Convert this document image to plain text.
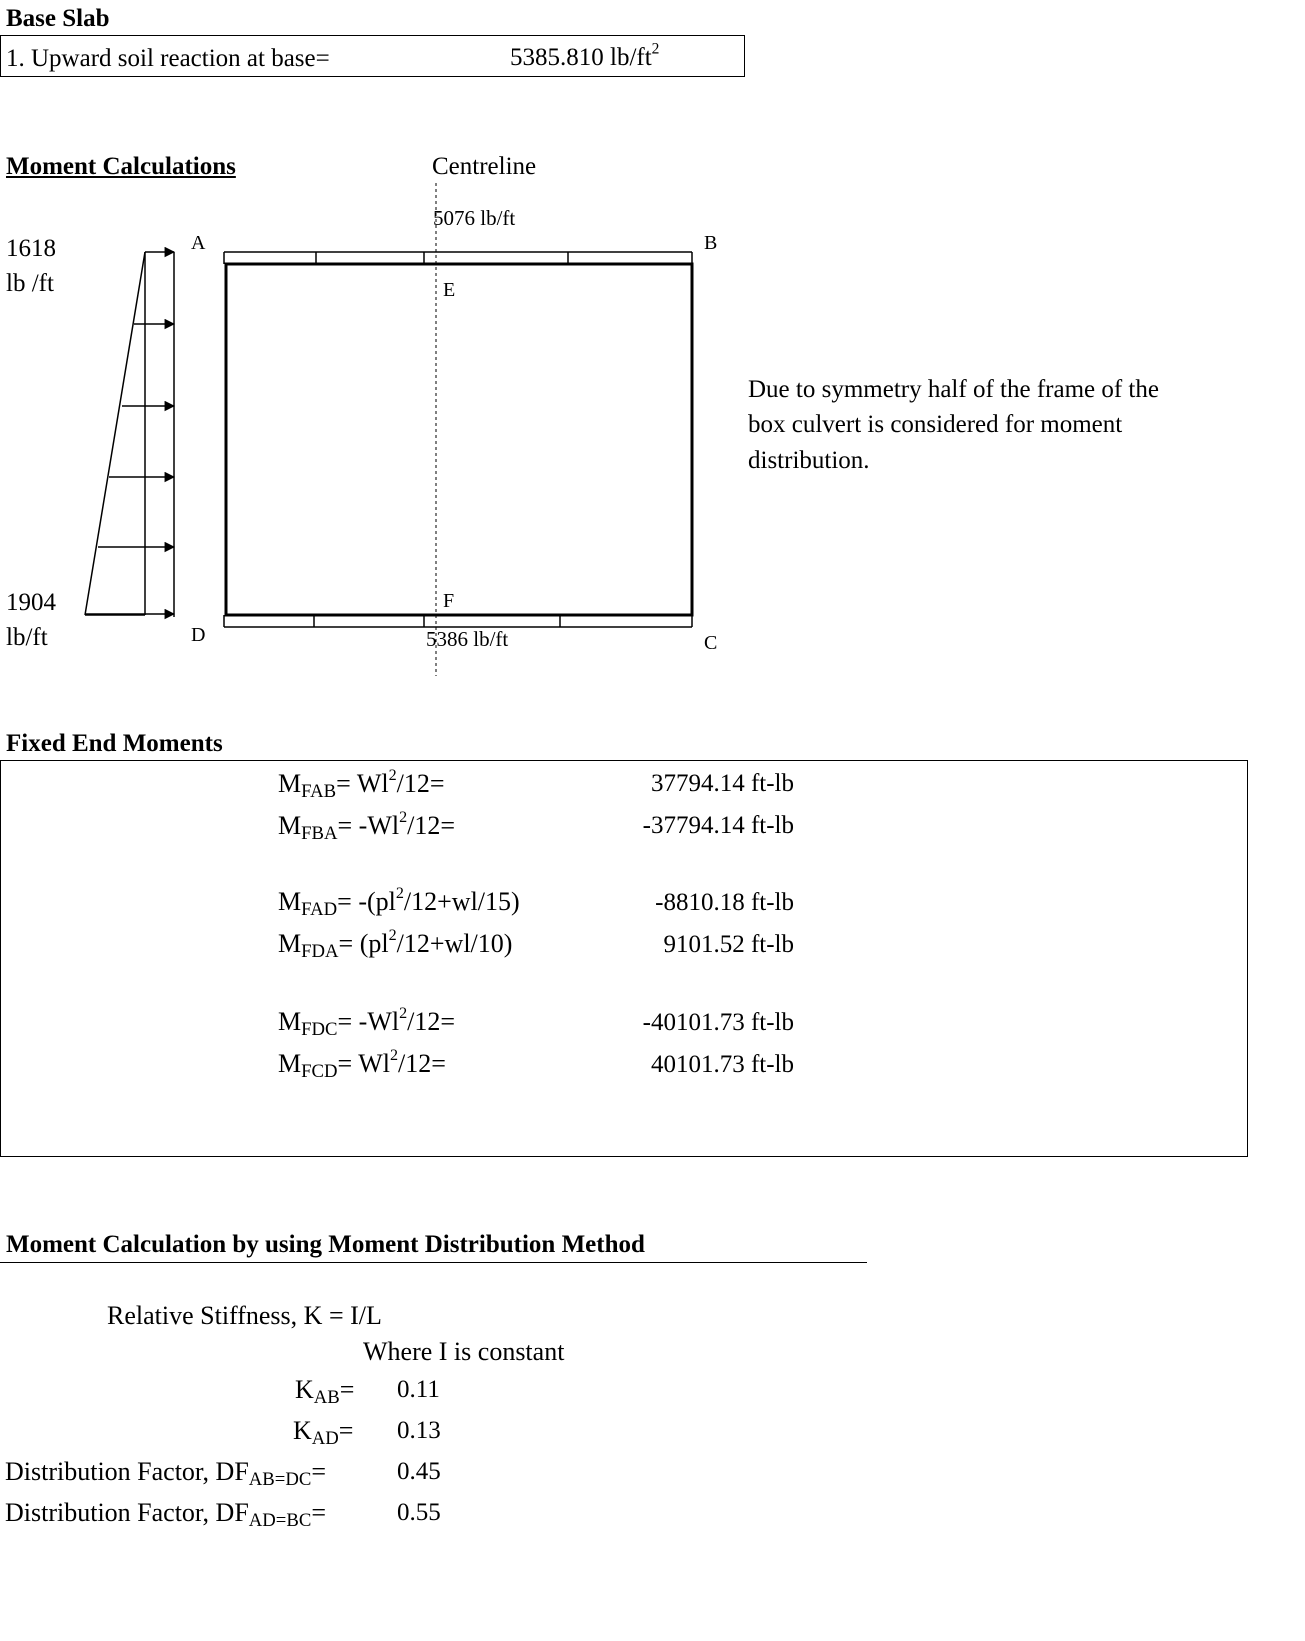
Base Slab
1. Upward soil reaction at base=	5385.810 $lb/ft^2$
Moment Calculations	Centreline
5076 lb/ft
5386 lb/ft
1618
lb /ft
1904
lb/ft
A	B
C
D
E
F
Due to symmetry half of the frame of the
box culvert is considered for moment
distribution.
Fixed End Moments
$M_{FAB}= Wl^2/12=$	37794.14 ft-lb
$M_{FBA}= -Wl^2/12=$	-37794.14 ft-lb
$M_{FAD}= -(pl^2/12+wl/15)$	-8810.18 ft-lb
$M_{FDA}= (pl^2/12+wl/10)$	9101.52 ft-lb
$M_{FDC}= -Wl^2/12=$	-40101.73 ft-lb
$M_{FCD}= Wl^2/12=$	40101.73 ft-lb
Moment Calculation by using Moment Distribution Method
Relative Stiffness, K = I/L
Where I is constant
$K_{AB}= 0.11$
$K_{AD}= 0.13$
Distribution Factor, $DF_{AB=DC}=$	0.45
Distribution Factor, $DF_{AD=BC}=$	0.55
